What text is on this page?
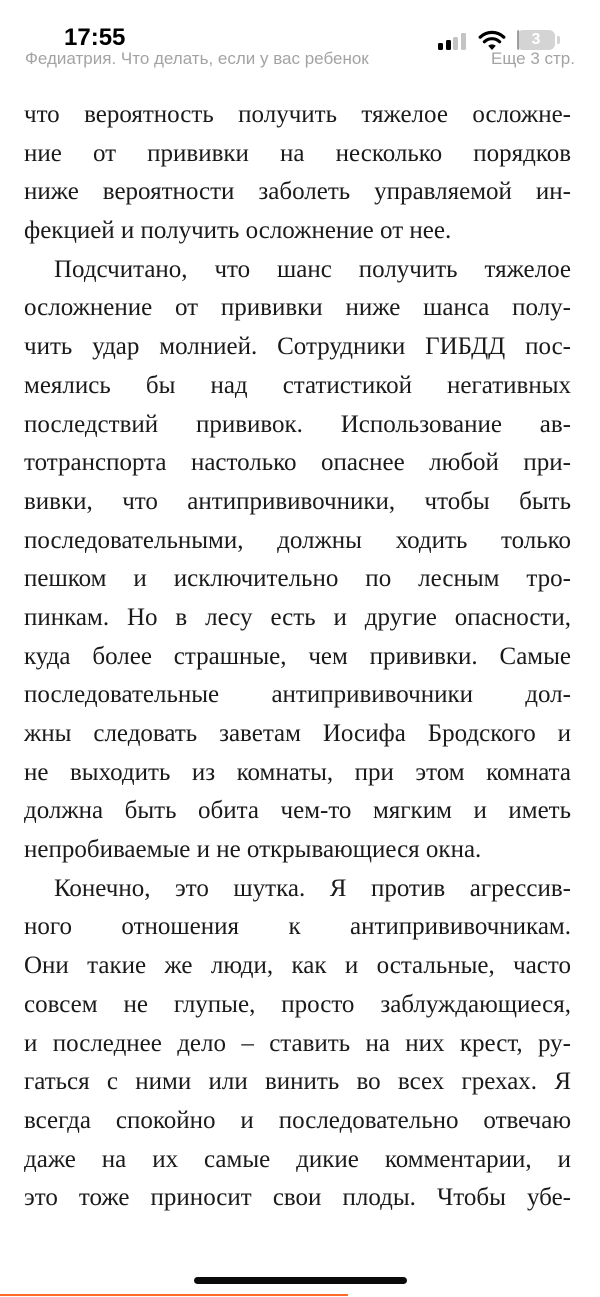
17:55	3
Федиатрия. Что делать, если у вас ребенок	Еще 3 стр.
что вероятность получить тяжелое осложне-
ние от прививки на несколько порядков
ниже вероятности заболеть управляемой ин-
фекцией и получить осложнение от нее.
Подсчитано, что шанс получить тяжелое
осложнение от прививки ниже шанса полу-
чить удар молнией. Сотрудники ГИБДД пос-
меялись бы над статистикой негативных
последствий прививок. Использование ав-
тотранспорта настолько опаснее любой при-
вивки, что антипрививочники, чтобы быть
последовательными, должны ходить только
пешком и исключительно по лесным тро-
пинкам. Но в лесу есть и другие опасности,
куда более страшные, чем прививки. Самые
последовательные антипрививочники дол-
жны следовать заветам Иосифа Бродского и
не выходить из комнаты, при этом комната
должна быть обита чем-то мягким и иметь
непробиваемые и не открывающиеся окна.
Конечно, это шутка. Я против агрессив-
ного отношения к антипрививочникам.
Они такие же люди, как и остальные, часто
совсем не глупые, просто заблуждающиеся,
и последнее дело – ставить на них крест, ру-
гаться с ними или винить во всех грехах. Я
всегда спокойно и последовательно отвечаю
даже на их самые дикие комментарии, и
это тоже приносит свои плоды. Чтобы убе-
